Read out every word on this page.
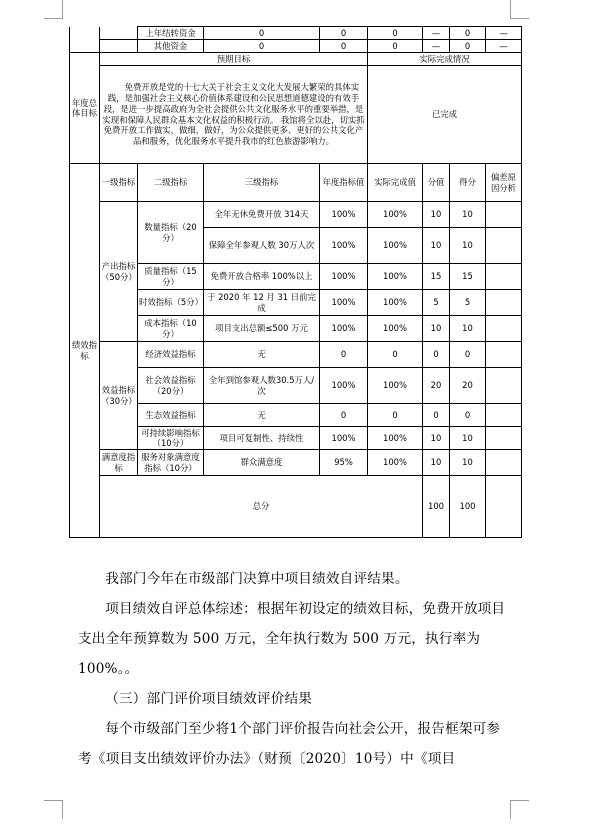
		上年结转资金	0	0	0	—	0	—
		其他资金	0	0	0	—	0	—
年度总体目标	预期目标				实际完成情况			
	免费开放是党的十七大关于社会主义文化大发展大繁荣的具体实践，是加强社会主义核心价值体系建设和公民思想道德建设的有效手段，是进一步提高政府为全社会提供公共文化服务水平的重要举措，是实现和保障人民群众基本文化权益的积极行动。 我馆将全以赴，切实抓免费开放工作做实，做细，做好，为公众提供更多、更好的公共文化产品和服务，优化服务水平提升我市的红色旅游影响力。				已完成			
绩效指标	一级指标	二级指标	三级指标	年度指标值	实际完成值	分值	得分	偏差原因分析
	产出指标（50分）	数量指标（20分）	全年无休免费开放 314天	100%	100%	10	10	
			保障全年参观人数 30万人次	100%	100%	10	10	
		质量指标（15分）	免费开放合格率 100%以上	100%	100%	15	15	
		时效指标（5分）	于 2020 年 12 月 31 日前完成	100%	100%	5	5	
		成本指标（10分）	项目支出总额≤500 万元	100%	100%	10	10	
	效益指标（30分）	经济效益指标	无	0	0	0	0	
		社会效益指标（20分）	全年到馆参观人数30.5万人/次	100%	100%	20	20	
		生态效益指标	无	0	0	0	0	
		可持续影响指标（10分）	项目可复制性、持续性	100%	100%	10	10	
	满意度指标	服务对象满意度指标（10分）	群众满意度	95%	100%	10	10	
	总分					100	100	

我部门今年在市级部门决算中项目绩效自评结果。

项目绩效自评总体综述：根据年初设定的绩效目标，免费开放项目支出全年预算数为 500 万元，全年执行数为 500 万元，执行率为 100%。。

（三）部门评价项目绩效评价结果

每个市级部门至少将1个部门评价报告向社会公开，报告框架可参考《项目支出绩效评价办法》（财预〔2020〕10号）中《项目
